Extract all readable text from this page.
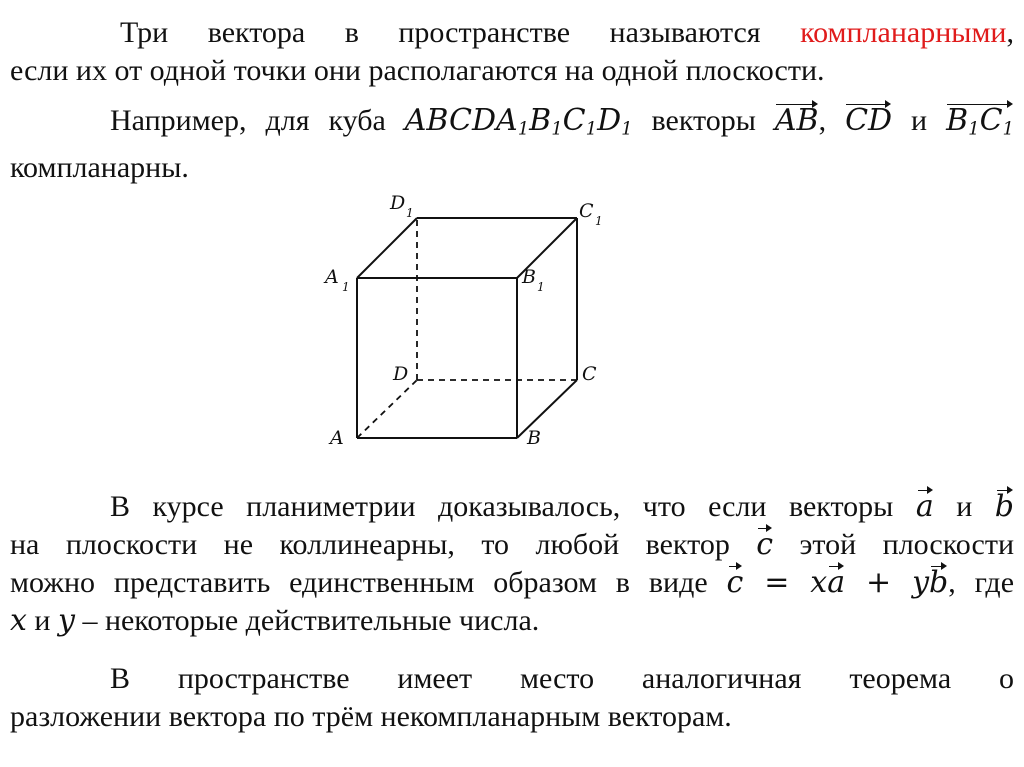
Три вектора в пространстве называются компланарными,
если их от одной точки они располагаются на одной плоскости.
Например, для куба $ABCDA_1B_1C_1D_1$ векторы AB, CD и $B_1C_1$
компланарны.
A	B
C
D
A 1	B 1
C 1
D 1
В курсе планиметрии доказывалось, что если векторы a и b
на плоскости не коллинеарны, то любой вектор c этой плоскости
можно представить единственным образом в виде c = xa + yb, где
x и y – некоторые действительные числа.
В пространстве имеет место аналогичная теорема о
разложении вектора по трём некомпланарным векторам.
